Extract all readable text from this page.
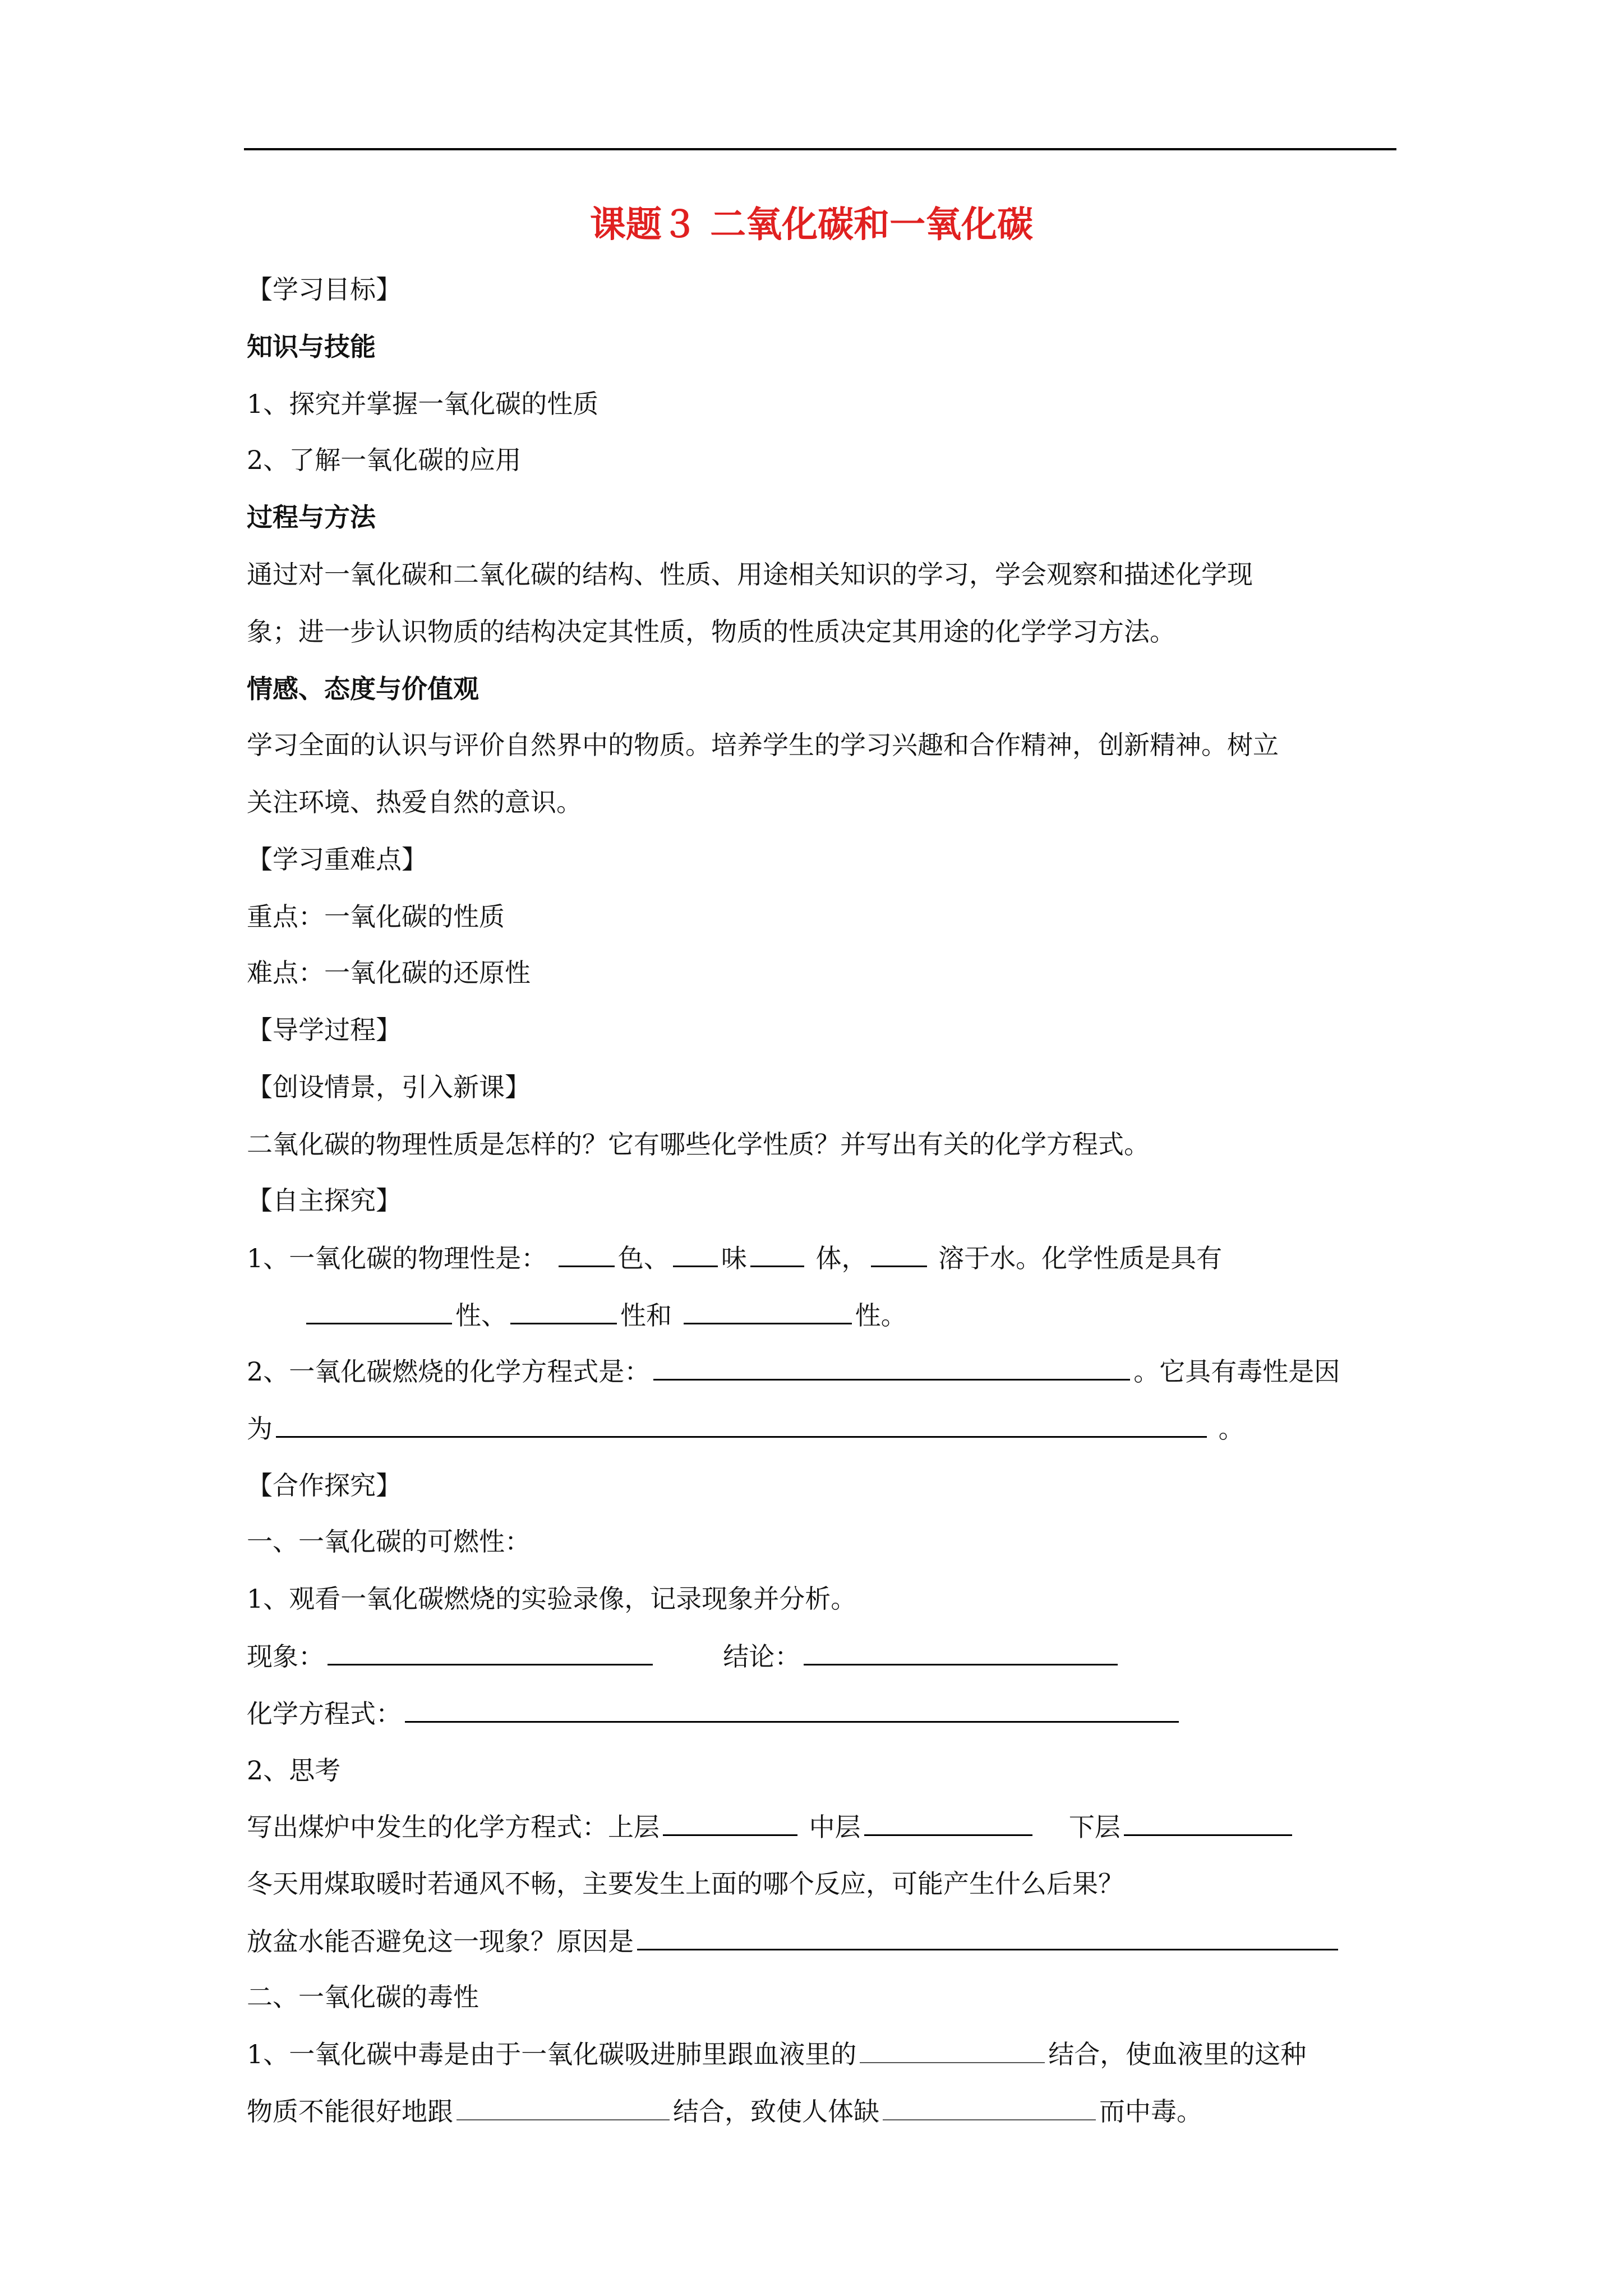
课题３ 二氧化碳和一氧化碳
【学习目标】
知识与技能
1、探究并掌握一氧化碳的性质
2、了解一氧化碳的应用
过程与方法
通过对一氧化碳和二氧化碳的结构、性质、用途相关知识的学习，学会观察和描述化学现
象；进一步认识物质的结构决定其性质，物质的性质决定其用途的化学学习方法。
情感、态度与价值观
学习全面的认识与评价自然界中的物质。培养学生的学习兴趣和合作精神，创新精神。树立
关注环境、热爱自然的意识。
【学习重难点】
重点：一氧化碳的性质
难点：一氧化碳的还原性
【导学过程】
【创设情景，引入新课】
二氧化碳的物理性质是怎样的？它有哪些化学性质？并写出有关的化学方程式。
【自主探究】
1、一氧化碳的物理性是：	色、 味	体，	溶于水。化学性质是具有
性、	性和	性。
2、一氧化碳燃烧的化学方程式是：	。它具有毒性是因
为	。
【合作探究】
一、一氧化碳的可燃性：
1、观看一氧化碳燃烧的实验录像，记录现象并分析。
现象：	结论：
化学方程式：
2、思考
写出煤炉中发生的化学方程式：上层	中层	下层
冬天用煤取暖时若通风不畅，主要发生上面的哪个反应，可能产生什么后果？
放盆水能否避免这一现象？原因是
二、一氧化碳的毒性
1、一氧化碳中毒是由于一氧化碳吸进肺里跟血液里的	结合，使血液里的这种
物质不能很好地跟	结合，致使人体缺	而中毒。
